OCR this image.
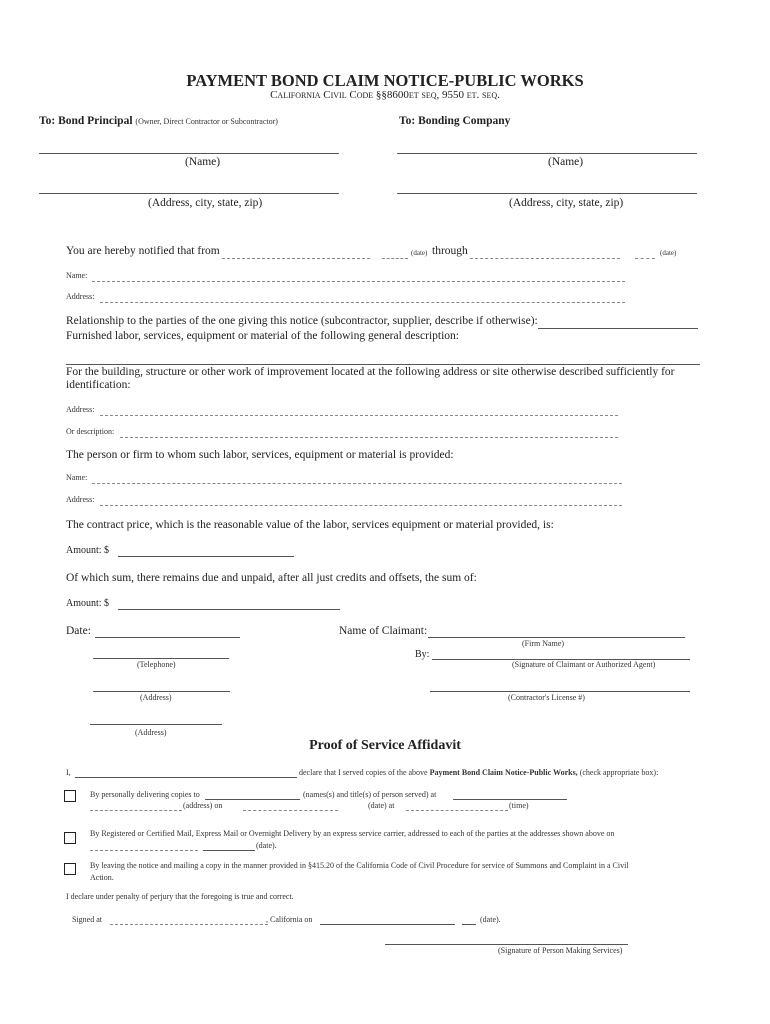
PAYMENT BOND CLAIM NOTICE-PUBLIC WORKS
California Civil Code §§8600et seq, 9550 et. seq.
To: Bond Principal (Owner, Direct Contractor or Subcontractor)	To: Bonding Company
(Name)	(Name)
(Address, city, state, zip)	(Address, city, state, zip)
You are hereby notified that from	(date) through	(date)
Name:
Address:
Relationship to the parties of the one giving this notice (subcontractor, supplier, describe if otherwise):
Furnished labor, services, equipment or material of the following general description:
For the building, structure or other work of improvement located at the following address or site otherwise described sufficiently for
identification:
Address:
Or description:
The person or firm to whom such labor, services, equipment or material is provided:
Name:
Address:
The contract price, which is the reasonable value of the labor, services equipment or material provided, is:
Amount: $
Of which sum, there remains due and unpaid, after all just credits and offsets, the sum of:
Amount: $
Date:	Name of Claimant:
(Firm Name)
By:
(Telephone)	(Signature of Claimant or Authorized Agent)
(Address)	(Contractor's License #)
(Address)
Proof of Service Affidavit
I,	declare that I served copies of the above Payment Bond Claim Notice-Public Works, (check appropriate box):
By personally delivering copies to	(names(s) and title(s) of person served) at
(address) on	(date) at	(time)
By Registered or Certified Mail, Express Mail or Overnight Delivery by an express service carrier, addressed to each of the parties at the addresses shown above on
(date).
By leaving the notice and mailing a copy in the manner provided in §415.20 of the California Code of Civil Procedure for service of Summons and Complaint in a Civil
Action.
I declare under penalty of perjury that the foregoing is true and correct.
Signed at	, California on	(date).
(Signature of Person Making Services)
